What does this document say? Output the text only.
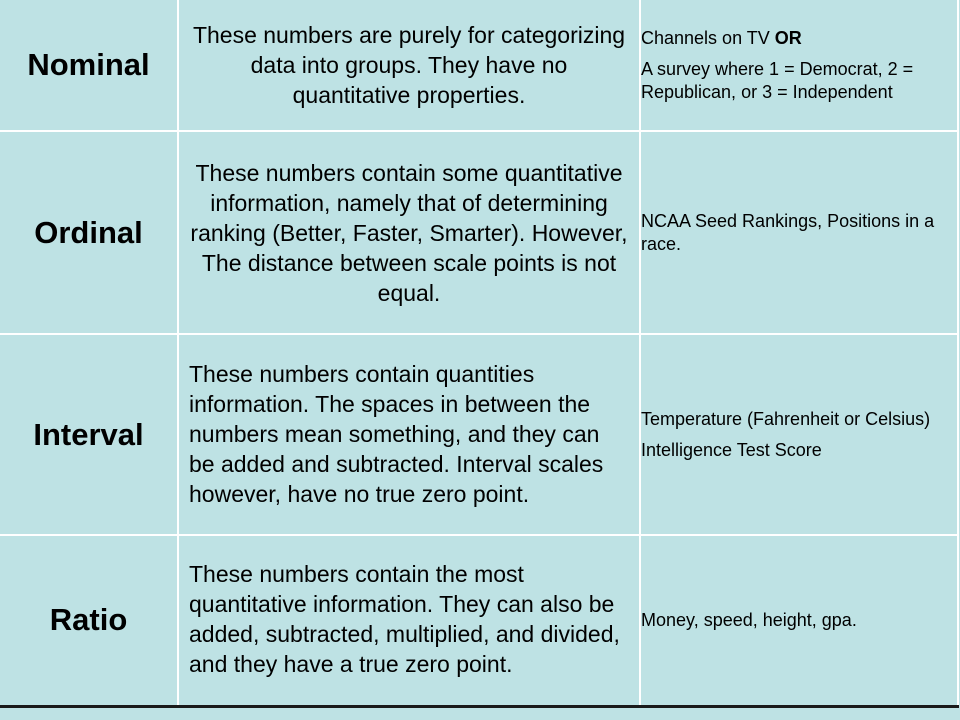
Nominal	These numbers are purely for categorizing data into groups. They have no quantitative properties.	Channels on TV OR

A survey where 1 = Democrat, 2 = Republican, or 3 = Independent

Ordinal	These numbers contain some quantitative information, namely that of determining ranking (Better, Faster, Smarter). However, The distance between scale points is not equal.	NCAA Seed Rankings, Positions in a race.

Interval	These numbers contain quantities information. The spaces in between the numbers mean something, and they can be added and subtracted. Interval scales however, have no true zero point.	Temperature (Fahrenheit or Celsius)

Intelligence Test Score

Ratio	These numbers contain the most quantitative information. They can also be added, subtracted, multiplied, and divided, and they have a true zero point.	Money, speed, height, gpa.
